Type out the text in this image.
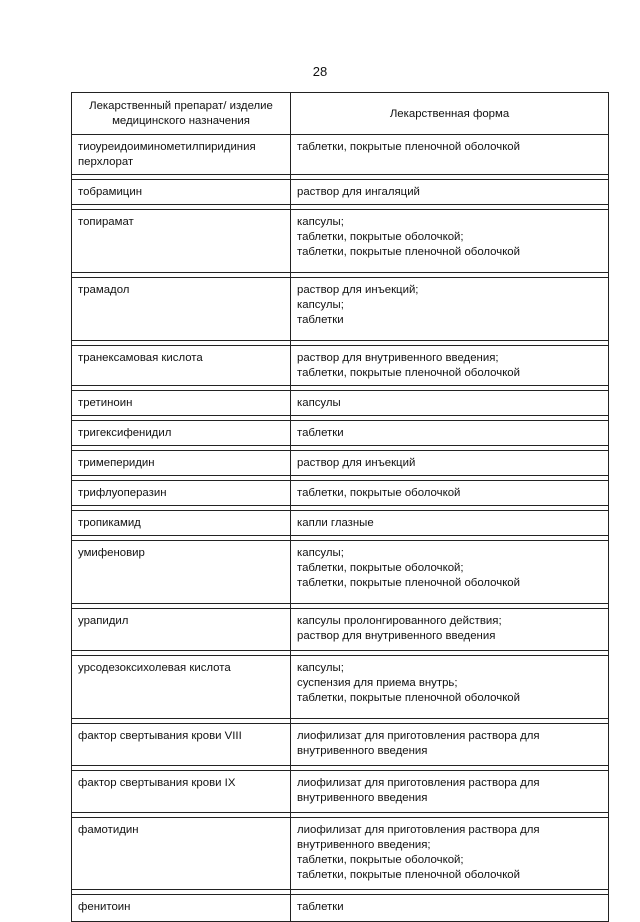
28
Лекарственный препарат/ изделие медицинского назначения	Лекарственная форма
тиоуреидоиминометилпиридиния перхлорат	таблетки, покрытые пленочной оболочкой

тобрамицин	раствор для ингаляций

топирамат	капсулы;
таблетки, покрытые оболочкой;
таблетки, покрытые пленочной оболочкой

трамадол	раствор для инъекций;
капсулы;
таблетки

транексамовая кислота	раствор для внутривенного введения;
таблетки, покрытые пленочной оболочкой

третиноин	капсулы

тригексифенидил	таблетки

тримеперидин	раствор для инъекций

трифлуоперазин	таблетки, покрытые оболочкой

тропикамид	капли глазные

умифеновир	капсулы;
таблетки, покрытые оболочкой;
таблетки, покрытые пленочной оболочкой

урапидил	капсулы пролонгированного действия;
раствор для внутривенного введения

урсодезоксихолевая кислота	капсулы;
суспензия для приема внутрь;
таблетки, покрытые пленочной оболочкой

фактор свертывания крови VIII	лиофилизат для приготовления раствора для внутривенного введения

фактор свертывания крови IX	лиофилизат для приготовления раствора для внутривенного введения

фамотидин	лиофилизат для приготовления раствора для внутривенного введения;
таблетки, покрытые оболочкой;
таблетки, покрытые пленочной оболочкой

фенитоин	таблетки
